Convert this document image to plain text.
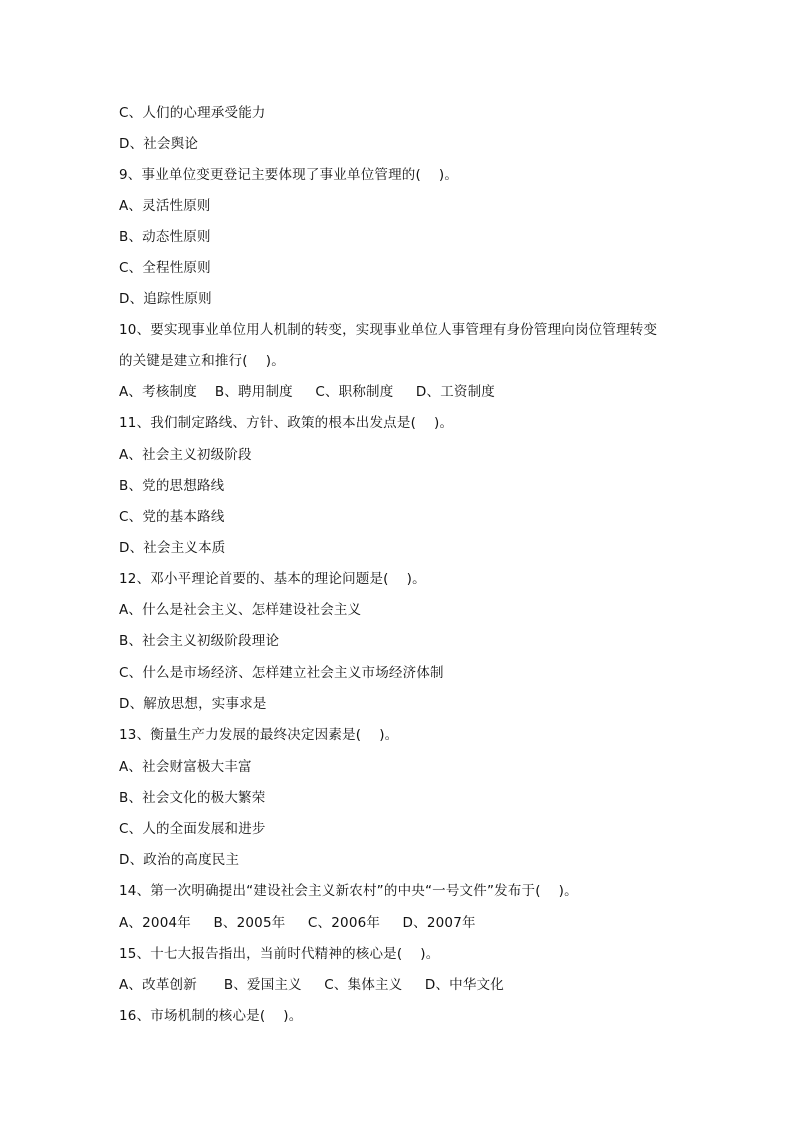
C、人们的心理承受能力
D、社会舆论
9、事业单位变更登记主要体现了事业单位管理的(    )。
A、灵活性原则
B、动态性原则
C、全程性原则
D、追踪性原则
10、要实现事业单位用人机制的转变，实现事业单位人事管理有身份管理向岗位管理转变
的关键是建立和推行(    )。
A、考核制度    B、聘用制度     C、职称制度     D、工资制度
11、我们制定路线、方针、政策的根本出发点是(    )。
A、社会主义初级阶段
B、党的思想路线
C、党的基本路线
D、社会主义本质
12、邓小平理论首要的、基本的理论问题是(    )。
A、什么是社会主义、怎样建设社会主义
B、社会主义初级阶段理论
C、什么是市场经济、怎样建立社会主义市场经济体制
D、解放思想，实事求是
13、衡量生产力发展的最终决定因素是(    )。
A、社会财富极大丰富
B、社会文化的极大繁荣
C、人的全面发展和进步
D、政治的高度民主
14、第一次明确提出“建设社会主义新农村”的中央“一号文件”发布于(    )。
A、2004年     B、2005年     C、2006年     D、2007年
15、十七大报告指出，当前时代精神的核心是(    )。
A、改革创新      B、爱国主义     C、集体主义     D、中华文化
16、市场机制的核心是(    )。
